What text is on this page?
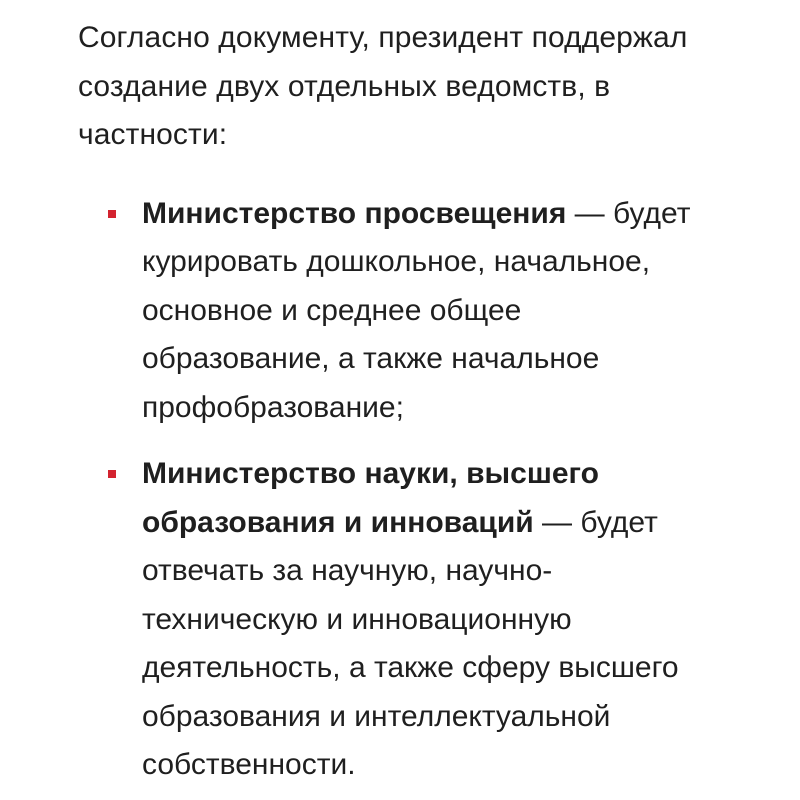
Согласно документу, президент поддержал создание двух отдельных ведомств, в частности:

Министерство просвещения — будет курировать дошкольное, начальное, основное и среднее общее образование, а также начальное профобразование;
Министерство науки, высшего образования и инноваций — будет отвечать за научную, научно-техническую и инновационную деятельность, а также сферу высшего образования и интеллектуальной собственности.
